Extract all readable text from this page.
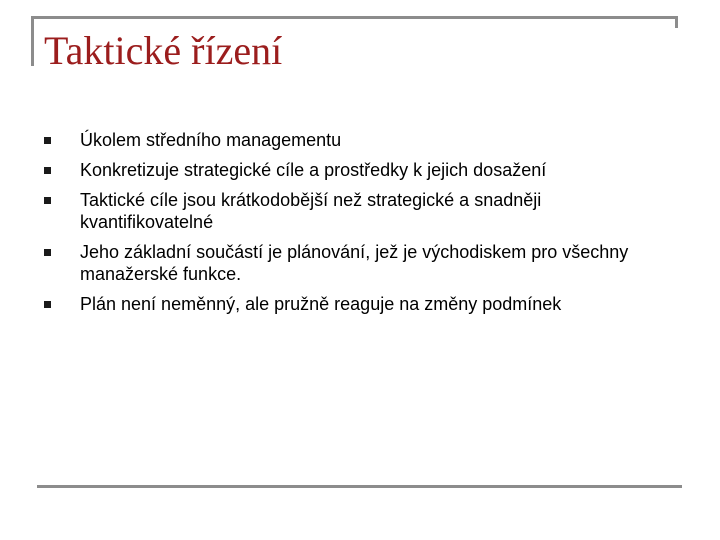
Taktické řízení
Úkolem středního managementu
Konkretizuje strategické cíle a prostředky k jejich dosažení
Taktické cíle jsou krátkodobější než strategické a snadněji kvantifikovatelné
Jeho základní součástí je plánování, jež je východiskem pro všechny manažerské funkce.
Plán není neměnný, ale pružně reaguje na změny podmínek
